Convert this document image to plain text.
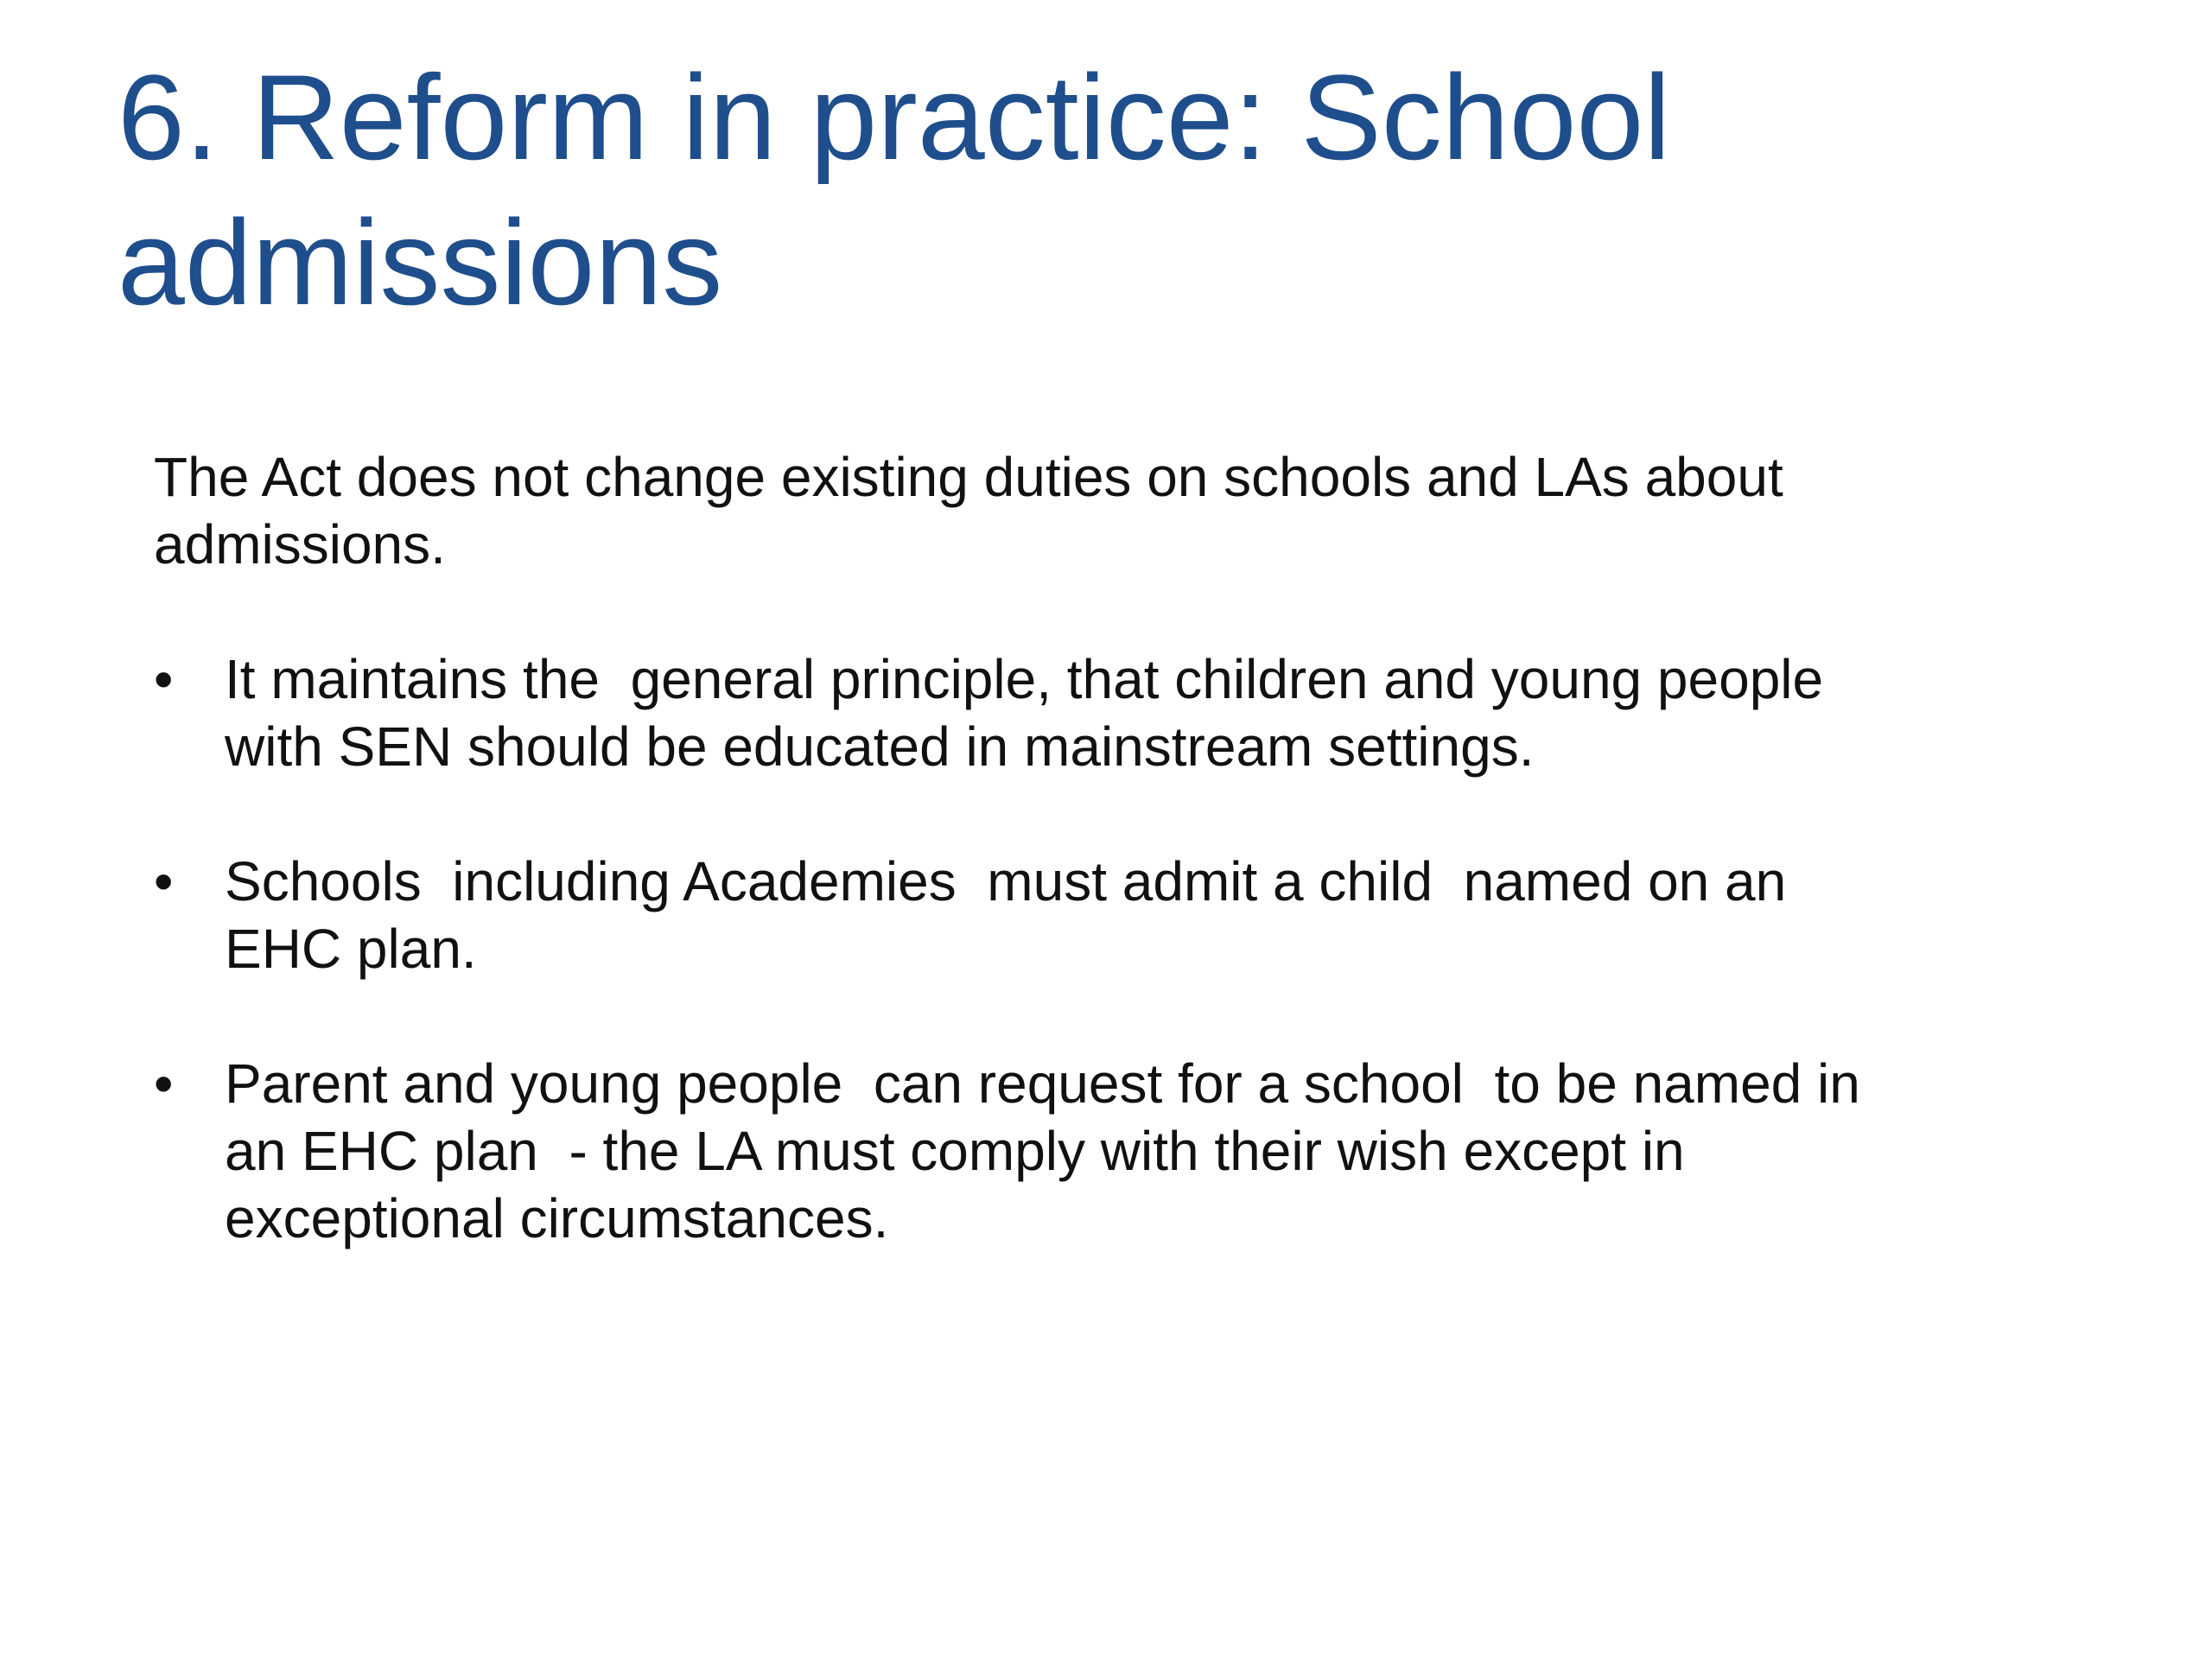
6. Reform in practice: School
admissions

The Act does not change existing duties on schools and LAs about
admissions.

• It maintains the  general principle, that children and young people
with SEN should be educated in mainstream settings.
• Schools  including Academies  must admit a child  named on an
EHC plan.
• Parent and young people  can request for a school  to be named in
an EHC plan  - the LA must comply with their wish except in
exceptional circumstances.
